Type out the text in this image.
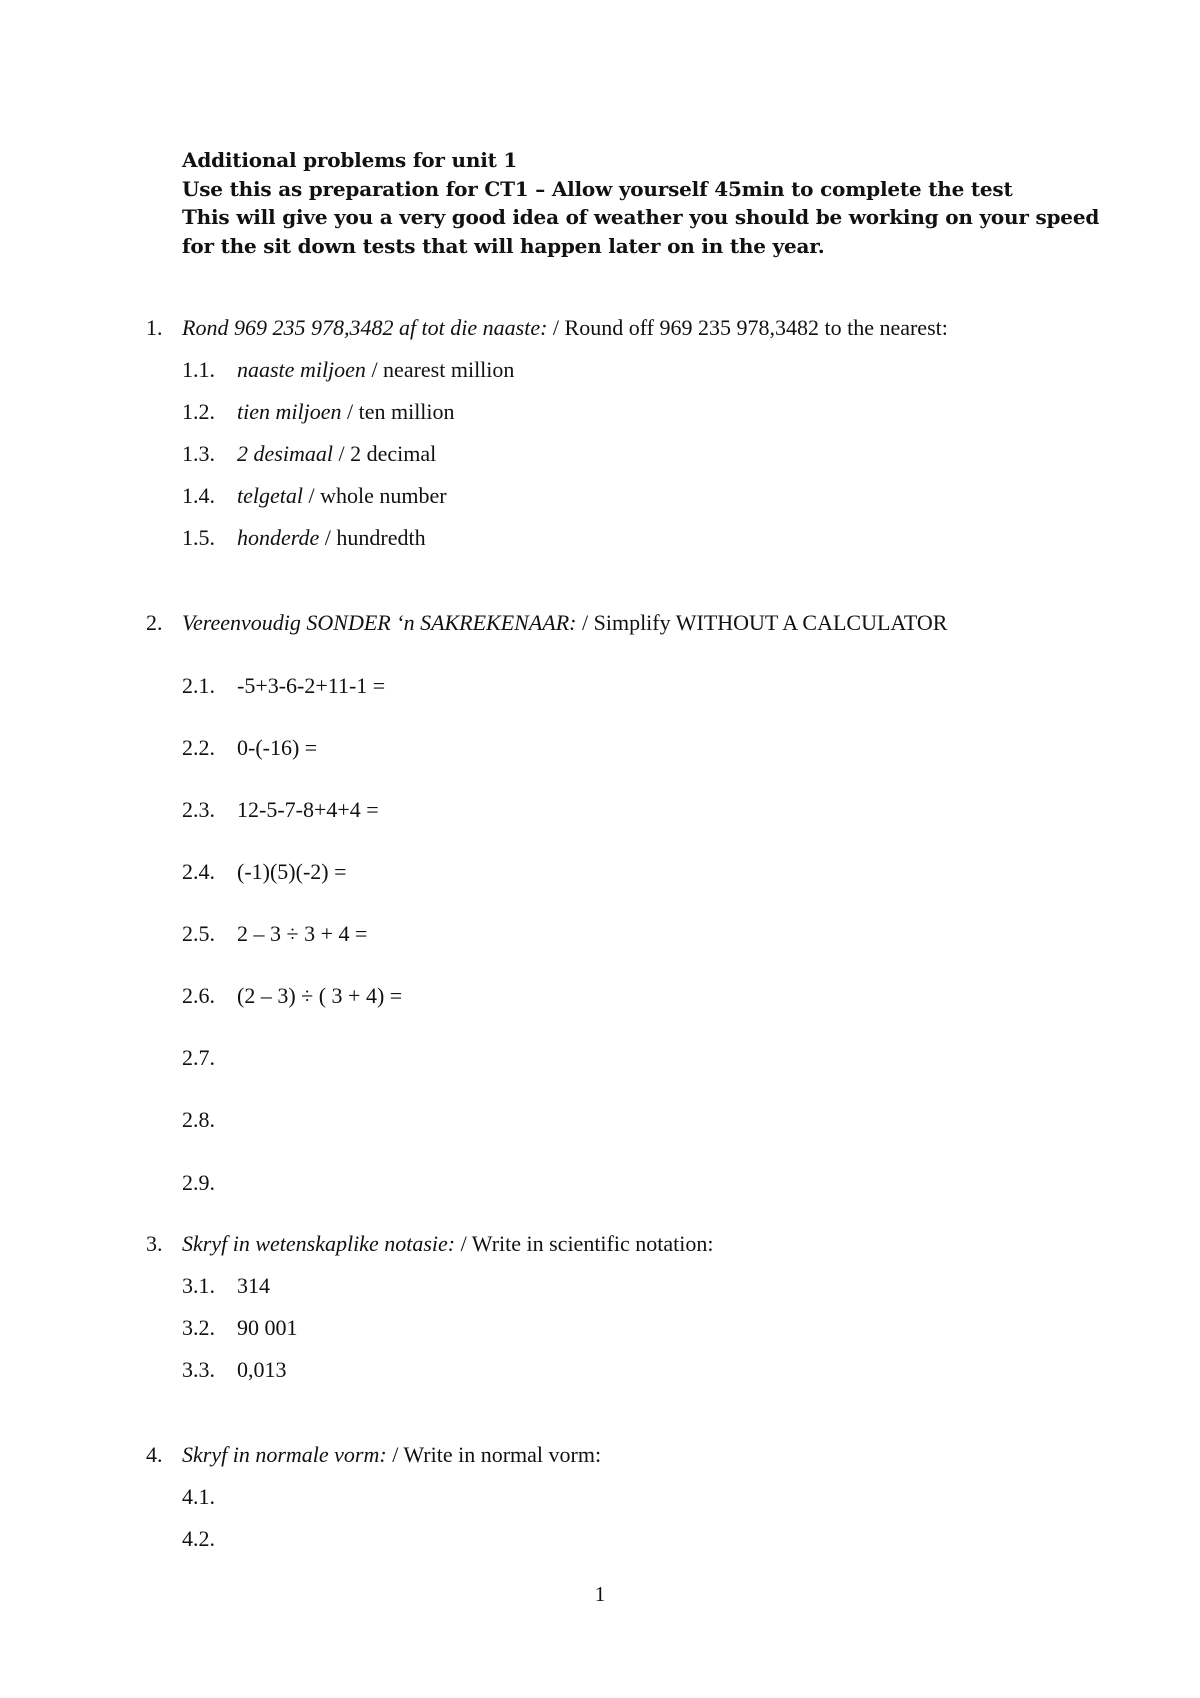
Additional problems for unit 1
Use this as preparation for CT1 – Allow yourself 45min to complete the test
This will give you a very good idea of weather you should be working on your speed
for the sit down tests that will happen later on in the year.
1. Rond 969 235 978,3482 af tot die naaste: / Round off 969 235 978,3482 to the nearest:
1.1. naaste miljoen / nearest million
1.2. tien miljoen / ten million
1.3. 2 desimaal / 2 decimal
1.4. telgetal / whole number
1.5. honderde / hundredth
2. Vereenvoudig SONDER ‘n SAKREKENAAR: / Simplify WITHOUT A CALCULATOR
2.1. -5+3-6-2+11-1 =
2.2. 0-(-16) =
2.3. 12-5-7-8+4+4 =
2.4. (-1)(5)(-2) =
2.5. 2 – 3 ÷ 3 + 4 =
2.6. (2 – 3) ÷ ( 3 + 4) =
2.7.
2.8.
2.9.
3. Skryf in wetenskaplike notasie: / Write in scientific notation:
3.1. 314
3.2. 90 001
3.3. 0,013
4. Skryf in normale vorm: / Write in normal vorm:
4.1.
4.2.
1
